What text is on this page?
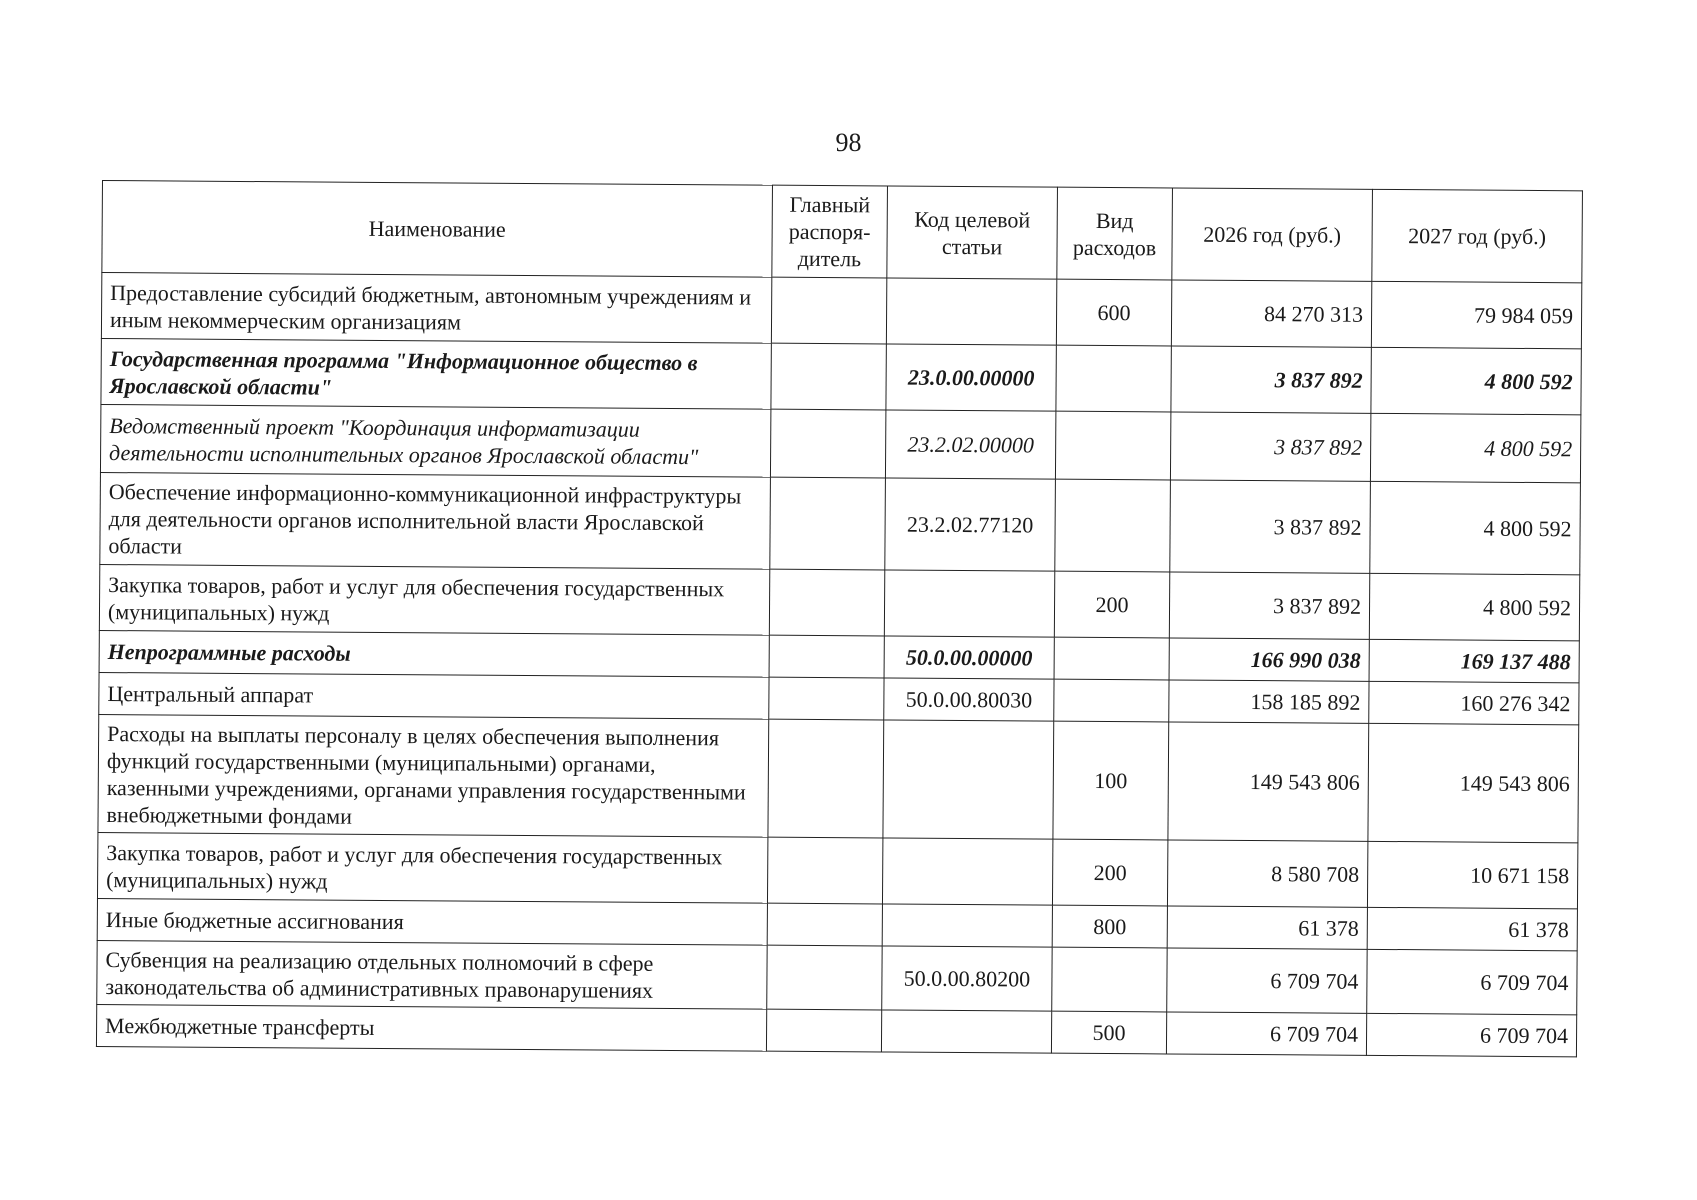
98
Наименование	Главный распоря-дитель	Код целевой статьи	Вид расходов	2026 год (руб.)	2027 год (руб.)
Предоставление субсидий бюджетным, автономным учреждениям и иным некоммерческим организациям			600	84 270 313	79 984 059
Государственная программа "Информационное общество в Ярославской области"		23.0.00.00000		3 837 892	4 800 592
Ведомственный проект "Координация информатизации деятельности исполнительных органов Ярославской области"		23.2.02.00000		3 837 892	4 800 592
Обеспечение информационно-коммуникационной инфраструктуры для деятельности органов исполнительной власти Ярославской области		23.2.02.77120		3 837 892	4 800 592
Закупка товаров, работ и услуг для обеспечения государственных (муниципальных) нужд			200	3 837 892	4 800 592
Непрограммные расходы		50.0.00.00000		166 990 038	169 137 488
Центральный аппарат		50.0.00.80030		158 185 892	160 276 342
Расходы на выплаты персоналу в целях обеспечения выполнения функций государственными (муниципальными) органами, казенными учреждениями, органами управления государственными внебюджетными фондами			100	149 543 806	149 543 806
Закупка товаров, работ и услуг для обеспечения государственных (муниципальных) нужд			200	8 580 708	10 671 158
Иные бюджетные ассигнования			800	61 378	61 378
Субвенция на реализацию отдельных полномочий в сфере законодательства об административных правонарушениях		50.0.00.80200		6 709 704	6 709 704
Межбюджетные трансферты			500	6 709 704	6 709 704
